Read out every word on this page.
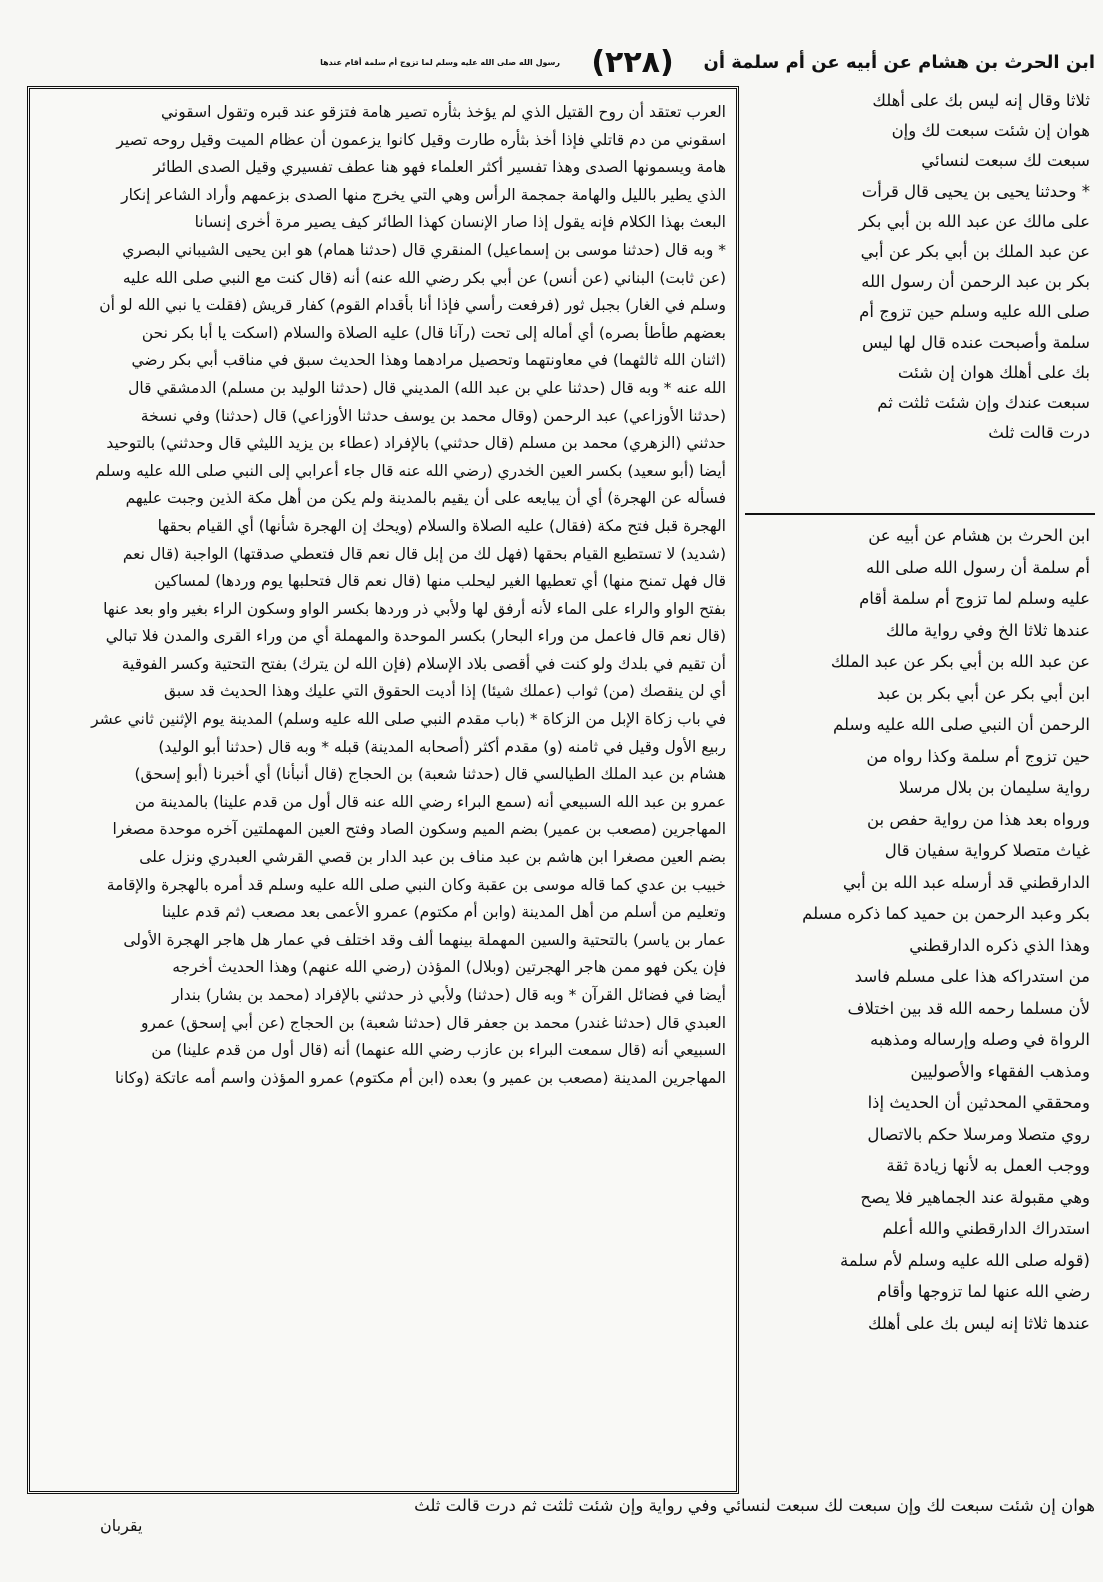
ابن الحرث بن هشام عن أبيه عن أم سلمة أن
(٢٢٨)
رسول الله صلى الله عليه وسلم لما تزوج أم سلمة أقام عندها
العرب تعتقد أن روح القتيل الذي لم يؤخذ بثأره تصير هامة فتزقو عند قبره وتقول اسقوني
اسقوني من دم قاتلي فإذا أخذ بثأره طارت وقيل كانوا يزعمون أن عظام الميت وقيل روحه تصير
هامة ويسمونها الصدى وهذا تفسير أكثر العلماء فهو هنا عطف تفسيري وقيل الصدى الطائر
الذي يطير بالليل والهامة جمجمة الرأس وهي التي يخرج منها الصدى بزعمهم وأراد الشاعر إنكار
البعث بهذا الكلام فإنه يقول إذا صار الإنسان كهذا الطائر كيف يصير مرة أخرى إنسانا
* وبه قال (حدثنا موسى بن إسماعيل) المنقري قال (حدثنا همام) هو ابن يحيى الشيباني البصري
(عن ثابت) البناني (عن أنس) عن أبي بكر رضي الله عنه) أنه (قال كنت مع النبي صلى الله عليه
وسلم في الغار) بجبل ثور (فرفعت رأسي فإذا أنا بأقدام القوم) كفار قريش (فقلت يا نبي الله لو أن
بعضهم طأطأ بصره) أي أماله إلى تحت (رآنا قال) عليه الصلاة والسلام (اسكت يا أبا بكر نحن
(اثنان الله ثالثهما) في معاونتهما وتحصيل مرادهما وهذا الحديث سبق في مناقب أبي بكر رضي
الله عنه * وبه قال (حدثنا علي بن عبد الله) المديني قال (حدثنا الوليد بن مسلم) الدمشقي قال
(حدثنا الأوزاعي) عبد الرحمن (وقال محمد بن يوسف حدثنا الأوزاعي) قال (حدثنا) وفي نسخة
حدثني (الزهري) محمد بن مسلم (قال حدثني) بالإفراد (عطاء بن يزيد الليثي قال وحدثني) بالتوحيد
أيضا (أبو سعيد) بكسر العين الخدري (رضي الله عنه قال جاء أعرابي إلى النبي صلى الله عليه وسلم
فسأله عن الهجرة) أي أن يبايعه على أن يقيم بالمدينة ولم يكن من أهل مكة الذين وجبت عليهم
الهجرة قبل فتح مكة (فقال) عليه الصلاة والسلام (ويحك إن الهجرة شأنها) أي القيام بحقها
(شديد) لا تستطيع القيام بحقها (فهل لك من إبل قال نعم قال فتعطي صدقتها) الواجبة (قال نعم
قال فهل تمنح منها) أي تعطيها الغير ليحلب منها (قال نعم قال فتحلبها يوم وردها) لمساكين
بفتح الواو والراء على الماء لأنه أرفق لها ولأبي ذر وردها بكسر الواو وسكون الراء بغير واو بعد عنها
(قال نعم قال فاعمل من وراء البحار) بكسر الموحدة والمهملة أي من وراء القرى والمدن فلا تبالي
أن تقيم في بلدك ولو كنت في أقصى بلاد الإسلام (فإن الله لن يترك) بفتح التحتية وكسر الفوقية
أي لن ينقصك (من) ثواب (عملك شيئا) إذا أديت الحقوق التي عليك وهذا الحديث قد سبق
في باب زكاة الإبل من الزكاة * (باب مقدم النبي صلى الله عليه وسلم) المدينة يوم الإثنين ثاني عشر
ربيع الأول وقيل في ثامنه (و) مقدم أكثر (أصحابه المدينة) قبله * وبه قال (حدثنا أبو الوليد)
هشام بن عبد الملك الطيالسي قال (حدثنا شعبة) بن الحجاج (قال أنبأنا) أي أخبرنا (أبو إسحق)
عمرو بن عبد الله السبيعي أنه (سمع البراء رضي الله عنه قال أول من قدم علينا) بالمدينة من
المهاجرين (مصعب بن عمير) بضم الميم وسكون الصاد وفتح العين المهملتين آخره موحدة مصغرا
بضم العين مصغرا ابن هاشم بن عبد مناف بن عبد الدار بن قصي القرشي العبدري ونزل على
خبيب بن عدي كما قاله موسى بن عقبة وكان النبي صلى الله عليه وسلم قد أمره بالهجرة والإقامة
وتعليم من أسلم من أهل المدينة (وابن أم مكتوم) عمرو الأعمى بعد مصعب (ثم قدم علينا
عمار بن ياسر) بالتحتية والسين المهملة بينهما ألف وقد اختلف في عمار هل هاجر الهجرة الأولى
فإن يكن فهو ممن هاجر الهجرتين (وبلال) المؤذن (رضي الله عنهم) وهذا الحديث أخرجه
أيضا في فضائل القرآن * وبه قال (حدثنا) ولأبي ذر حدثني بالإفراد (محمد بن بشار) بندار
العبدي قال (حدثنا غندر) محمد بن جعفر قال (حدثنا شعبة) بن الحجاج (عن أبي إسحق) عمرو
السبيعي أنه (قال سمعت البراء بن عازب رضي الله عنهما) أنه (قال أول من قدم علينا) من
المهاجرين المدينة (مصعب بن عمير و) بعده (ابن أم مكتوم) عمرو المؤذن واسم أمه عاتكة (وكانا
ثلاثا وقال إنه ليس بك على أهلك
هوان إن شئت سبعت لك وإن
سبعت لك سبعت لنسائي
* وحدثنا يحيى بن يحيى قال قرأت
على مالك عن عبد الله بن أبي بكر
عن عبد الملك بن أبي بكر عن أبي
بكر بن عبد الرحمن أن رسول الله
صلى الله عليه وسلم حين تزوج أم
سلمة وأصبحت عنده قال لها ليس
بك على أهلك هوان إن شئت
سبعت عندك وإن شئت ثلثت ثم
درت قالت ثلث
ابن الحرث بن هشام عن أبيه عن
أم سلمة أن رسول الله صلى الله
عليه وسلم لما تزوج أم سلمة أقام
عندها ثلاثا الخ وفي رواية مالك
عن عبد الله بن أبي بكر عن عبد الملك
ابن أبي بكر عن أبي بكر بن عبد
الرحمن أن النبي صلى الله عليه وسلم
حين تزوج أم سلمة وكذا رواه من
رواية سليمان بن بلال مرسلا
ورواه بعد هذا من رواية حفص بن
غياث متصلا كرواية سفيان قال
الدارقطني قد أرسله عبد الله بن أبي
بكر وعبد الرحمن بن حميد كما ذكره مسلم
وهذا الذي ذكره الدارقطني
من استدراكه هذا على مسلم فاسد
لأن مسلما رحمه الله قد بين اختلاف
الرواة في وصله وإرساله ومذهبه
ومذهب الفقهاء والأصوليين
ومحققي المحدثين أن الحديث إذا
روي متصلا ومرسلا حكم بالاتصال
ووجب العمل به لأنها زيادة ثقة
وهي مقبولة عند الجماهير فلا يصح
استدراك الدارقطني والله أعلم
(قوله صلى الله عليه وسلم لأم سلمة
رضي الله عنها لما تزوجها وأقام
عندها ثلاثا إنه ليس بك على أهلك
هوان إن شئت سبعت لك وإن سبعت لك سبعت لنسائي وفي رواية وإن شئت ثلثت ثم درت قالت ثلث
يقربان
